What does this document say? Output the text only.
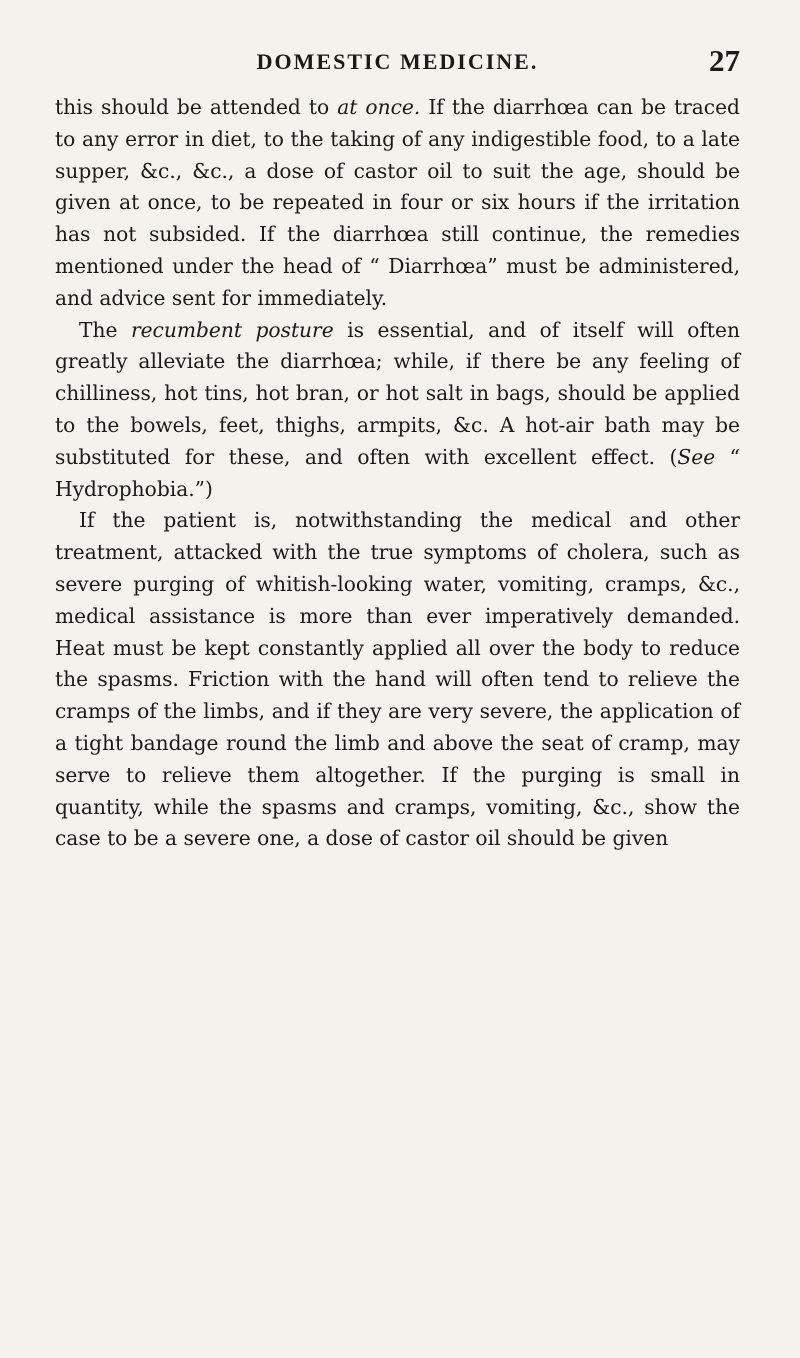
DOMESTIC MEDICINE.	27

this should be attended to at once. If the diarrhœa can be traced to any error in diet, to the taking of any indigestible food, to a late supper, &c., &c., a dose of castor oil to suit the age, should be given at once, to be repeated in four or six hours if the irritation has not subsided. If the diarrhœa still continue, the remedies mentioned under the head of “ Diarrhœa” must be administered, and advice sent for immediately.

The recumbent posture is essential, and of itself will often greatly alleviate the diarrhœa; while, if there be any feeling of chilliness, hot tins, hot bran, or hot salt in bags, should be applied to the bowels, feet, thighs, armpits, &c. A hot-air bath may be substituted for these, and often with excellent effect. (See “ Hydrophobia.”)

If the patient is, notwithstanding the medical and other treatment, attacked with the true symptoms of cholera, such as severe purging of whitish-looking water, vomiting, cramps, &c., medical assistance is more than ever imperatively demanded. Heat must be kept constantly applied all over the body to reduce the spasms. Friction with the hand will often tend to relieve the cramps of the limbs, and if they are very severe, the application of a tight bandage round the limb and above the seat of cramp, may serve to relieve them altogether. If the purging is small in quantity, while the spasms and cramps, vomiting, &c., show the case to be a severe one, a dose of castor oil should be given
